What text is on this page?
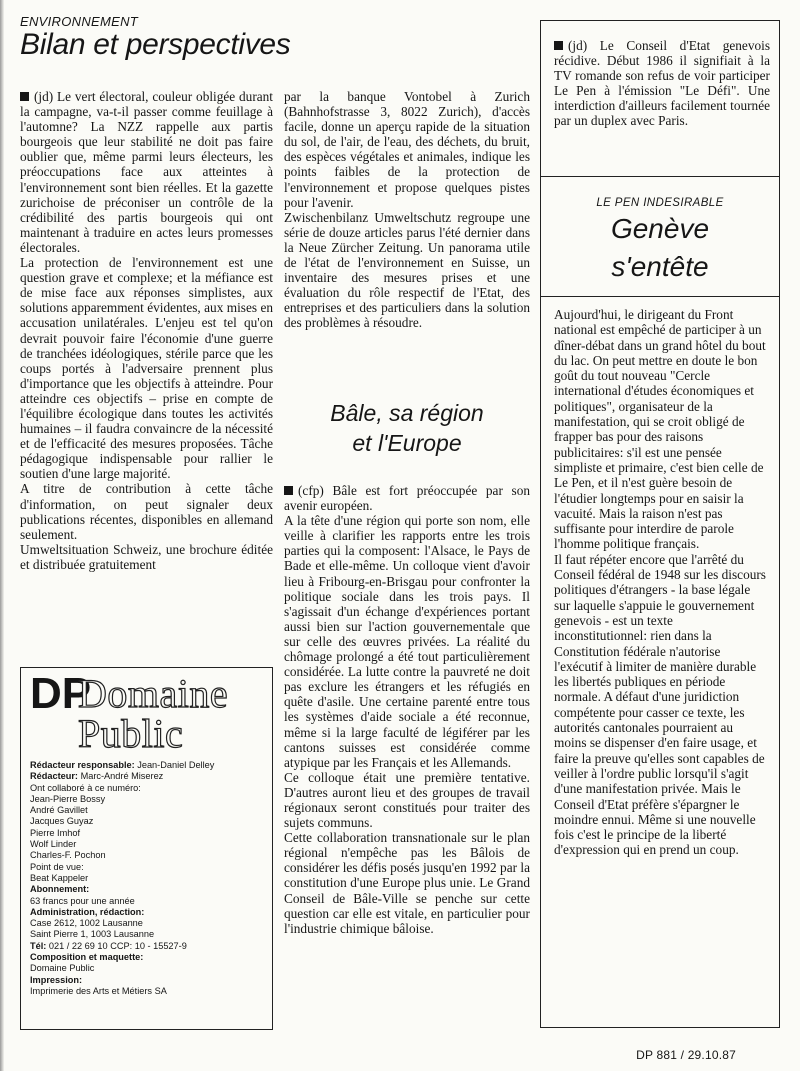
ENVIRONNEMENT
Bilan et perspectives

(jd) Le vert électoral, couleur obligée durant la campagne, va-t-il passer comme feuillage à l'automne? La NZZ rappelle aux partis bourgeois que leur stabilité ne doit pas faire oublier que, même parmi leurs électeurs, les préoccupations face aux atteintes à l'environnement sont bien réelles. Et la gazette zurichoise de préconiser un contrôle de la crédibilité des partis bourgeois qui ont maintenant à traduire en actes leurs promesses électorales.

La protection de l'environnement est une question grave et complexe; et la méfiance est de mise face aux réponses simplistes, aux solutions apparemment évidentes, aux mises en accusation unilatérales. L'enjeu est tel qu'on devrait pouvoir faire l'économie d'une guerre de tranchées idéologiques, stérile parce que les coups portés à l'adversaire prennent plus d'importance que les objectifs à atteindre. Pour atteindre ces objectifs – prise en compte de l'équilibre écologique dans toutes les activités humaines – il faudra convaincre de la nécessité et de l'efficacité des mesures proposées. Tâche pédagogique indispensable pour rallier le soutien d'une large majorité.

A titre de contribution à cette tâche d'information, on peut signaler deux publications récentes, disponibles en allemand seulement.

Umweltsituation Schweiz, une brochure éditée et distribuée gratuitement

par la banque Vontobel à Zurich (Bahnhofstrasse 3, 8022 Zurich), d'accès facile, donne un aperçu rapide de la situation du sol, de l'air, de l'eau, des déchets, du bruit, des espèces végétales et animales, indique les points faibles de la protection de l'environnement et propose quelques pistes pour l'avenir.

Zwischenbilanz Umweltschutz regroupe une série de douze articles parus l'été dernier dans la Neue Zürcher Zeitung. Un panorama utile de l'état de l'environnement en Suisse, un inventaire des mesures prises et une évaluation du rôle respectif de l'Etat, des entreprises et des particuliers dans la solution des problèmes à résoudre.

Bâle, sa région
et l'Europe

(cfp) Bâle est fort préoccupée par son avenir européen.

A la tête d'une région qui porte son nom, elle veille à clarifier les rapports entre les trois parties qui la composent: l'Alsace, le Pays de Bade et elle-même. Un colloque vient d'avoir lieu à Fribourg-en-Brisgau pour confronter la politique sociale dans les trois pays. Il s'agissait d'un échange d'expériences portant aussi bien sur l'action gouvernementale que sur celle des œuvres privées. La réalité du chômage prolongé a été tout particulièrement considérée. La lutte contre la pauvreté ne doit pas exclure les étrangers et les réfugiés en quête d'asile. Une certaine parenté entre tous les systèmes d'aide sociale a été reconnue, même si la large faculté de légiférer par les cantons suisses est considérée comme atypique par les Français et les Allemands.

Ce colloque était une première tentative. D'autres auront lieu et des groupes de travail régionaux seront constitués pour traiter des sujets communs.

Cette collaboration transnationale sur le plan régional n'empêche pas les Bâlois de considérer les défis posés jusqu'en 1992 par la constitution d'une Europe plus unie. Le Grand Conseil de Bâle-Ville se penche sur cette question car elle est vitale, en particulier pour l'industrie chimique bâloise.

DP
Domaine
Public
Rédacteur responsable: Jean-Daniel Delley
Rédacteur: Marc-André Miserez
Ont collaboré à ce numéro:
Jean-Pierre Bossy
André Gavillet
Jacques Guyaz
Pierre Imhof
Wolf Linder
Charles-F. Pochon
Point de vue:
Beat Kappeler
Abonnement:
63 francs pour une année
Administration, rédaction:
Case 2612, 1002 Lausanne
Saint Pierre 1, 1003 Lausanne
Tél: 021 / 22 69 10 CCP: 10 - 15527-9
Composition et maquette:
Domaine Public
Impression:
Imprimerie des Arts et Métiers SA

(jd) Le Conseil d'Etat genevois récidive. Début 1986 il signifiait à la TV romande son refus de voir participer Le Pen à l'émission "Le Défi". Une interdiction d'ailleurs facilement tournée par un duplex avec Paris.

LE PEN INDESIRABLE
Genève
s'entête

Aujourd'hui, le dirigeant du Front national est empêché de participer à un dîner-débat dans un grand hôtel du bout du lac. On peut mettre en doute le bon goût du tout nouveau "Cercle international d'études économiques et politiques", organisateur de la manifestation, qui se croit obligé de frapper bas pour des raisons publicitaires: s'il est une pensée simpliste et primaire, c'est bien celle de Le Pen, et il n'est guère besoin de l'étudier longtemps pour en saisir la vacuité. Mais la raison n'est pas suffisante pour interdire de parole l'homme politique français.

Il faut répéter encore que l'arrêté du Conseil fédéral de 1948 sur les discours politiques d'étrangers - la base légale sur laquelle s'appuie le gouvernement genevois - est un texte inconstitutionnel: rien dans la Constitution fédérale n'autorise l'exécutif à limiter de manière durable les libertés publiques en période normale. A défaut d'une juridiction compétente pour casser ce texte, les autorités cantonales pourraient au moins se dispenser d'en faire usage, et faire la preuve qu'elles sont capables de veiller à l'ordre public lorsqu'il s'agit d'une manifestation privée. Mais le Conseil d'Etat préfère s'épargner le moindre ennui. Même si une nouvelle fois c'est le principe de la liberté d'expression qui en prend un coup.

DP 881 / 29.10.87
